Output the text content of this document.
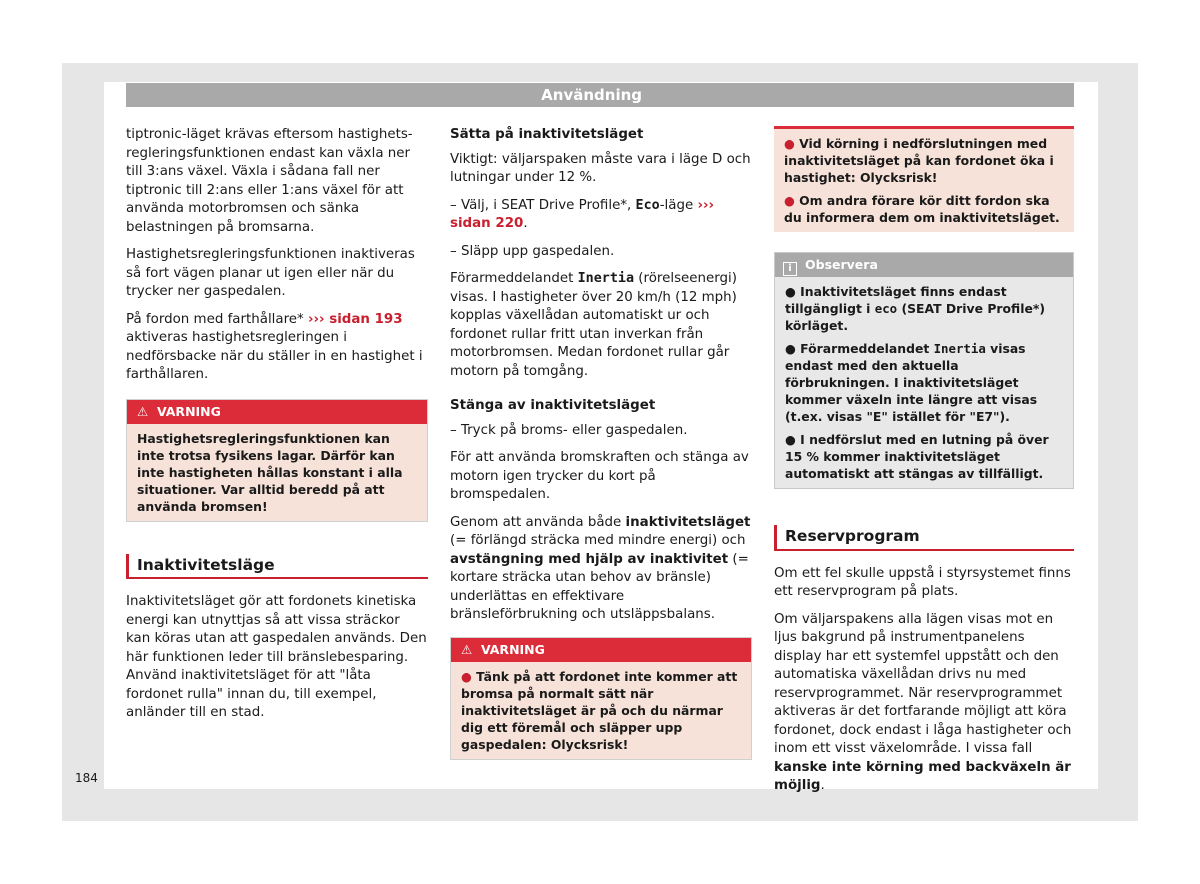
Användning

tiptronic-läget krävas eftersom hastighets-regleringsfunktionen endast kan växla ner till 3:ans växel. Växla i sådana fall ner tiptronic till 2:ans eller 1:ans växel för att använda motorbromsen och sänka belastningen på bromsarna.

Hastighetsregleringsfunktionen inaktiveras så fort vägen planar ut igen eller när du trycker ner gaspedalen.

På fordon med farthållare* ››› sidan 193 aktiveras hastighetsregleringen i nedförsbacke när du ställer in en hastighet i farthållaren.

⚠ VARNING
Hastighetsregleringsfunktionen kan inte trotsa fysikens lagar. Därför kan inte hastigheten hållas konstant i alla situationer. Var alltid beredd på att använda bromsen!
Inaktivitetsläge

Inaktivitetsläget gör att fordonets kinetiska energi kan utnyttjas så att vissa sträckor kan köras utan att gaspedalen används. Den här funktionen leder till bränslebesparing. Använd inaktivitetsläget för att "låta fordonet rulla" innan du, till exempel, anländer till en stad.

Sätta på inaktivitetsläget

Viktigt: väljarspaken måste vara i läge D och lutningar under 12 %.

– Välj, i SEAT Drive Profile*, Eco-läge ››› sidan 220.

– Släpp upp gaspedalen.

Förarmeddelandet Inertia (rörelseenergi) visas. I hastigheter över 20 km/h (12 mph) kopplas växellådan automatiskt ur och fordonet rullar fritt utan inverkan från motorbromsen. Medan fordonet rullar går motorn på tomgång.

Stänga av inaktivitetsläget

– Tryck på broms- eller gaspedalen.

För att använda bromskraften och stänga av motorn igen trycker du kort på bromspedalen.

Genom att använda både inaktivitetsläget (= förlängd sträcka med mindre energi) och avstängning med hjälp av inaktivitet (= kortare sträcka utan behov av bränsle) underlättas en effektivare bränsleförbrukning och utsläppsbalans.

⚠ VARNING
● Tänk på att fordonet inte kommer att bromsa på normalt sätt när inaktivitetsläget är på och du närmar dig ett föremål och släpper upp gaspedalen: Olycksrisk!
● Vid körning i nedförslutningen med inaktivitetsläget på kan fordonet öka i hastighet: Olycksrisk!
● Om andra förare kör ditt fordon ska du informera dem om inaktivitetsläget.
i Observera
● Inaktivitetsläget finns endast tillgängligt i eco (SEAT Drive Profile*) körläget.
● Förarmeddelandet Inertia visas endast med den aktuella förbrukningen. I inaktivitetsläget kommer växeln inte längre att visas (t.ex. visas "E" istället för "E7").
● I nedförslut med en lutning på över 15 % kommer inaktivitetsläget automatiskt att stängas av tillfälligt.
Reservprogram

Om ett fel skulle uppstå i styrsystemet finns ett reservprogram på plats.

Om väljarspakens alla lägen visas mot en ljus bakgrund på instrumentpanelens display har ett systemfel uppstått och den automatiska växellådan drivs nu med reservprogrammet. När reservprogrammet aktiveras är det fortfarande möjligt att köra fordonet, dock endast i låga hastigheter och inom ett visst växelområde. I vissa fall kanske inte körning med backväxeln är möjlig.

184
